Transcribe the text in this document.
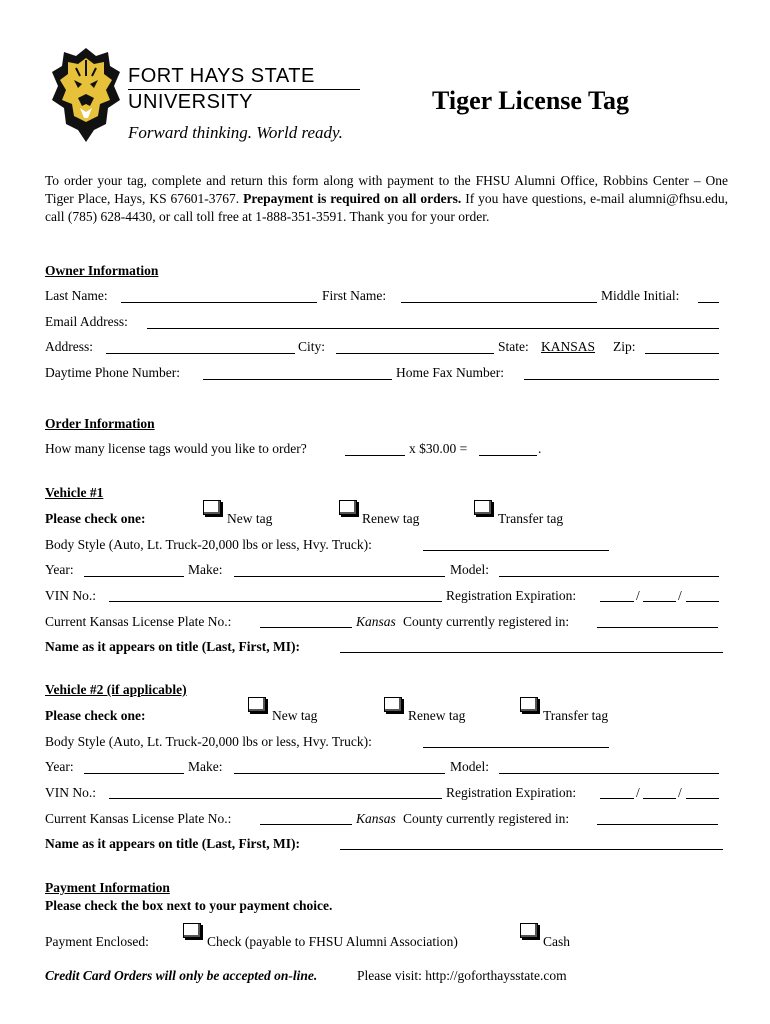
FORT HAYS STATE
UNIVERSITY
Forward thinking. World ready.
Tiger License Tag
To order your tag, complete and return this form along with payment to the FHSU Alumni Office, Robbins Center – One Tiger Place, Hays, KS 67601-3767. Prepayment is required on all orders. If you have questions, e-mail alumni@fhsu.edu, call (785) 628-4430, or call toll free at 1-888-351-3591. Thank you for your order.
Owner Information
Last Name:	First Name:	Middle Initial:
Email Address:
Address:	City:	State: KANSAS Zip:
Daytime Phone Number:	Home Fax Number:
Order Information
How many license tags would you like to order?	x $30.00 =	.
Vehicle #1
Please check one:	New tag	Renew tag	Transfer tag
Body Style (Auto, Lt. Truck-20,000 lbs or less, Hvy. Truck):
Year:	Make:	Model:
VIN No.:	Registration Expiration:	/	/
Current Kansas License Plate No.:	Kansas County currently registered in:
Name as it appears on title (Last, First, MI):
Vehicle #2 (if applicable)
Please check one:	New tag	Renew tag	Transfer tag
Body Style (Auto, Lt. Truck-20,000 lbs or less, Hvy. Truck):
Year:	Make:	Model:
VIN No.:	Registration Expiration:	/	/
Current Kansas License Plate No.:	Kansas County currently registered in:
Name as it appears on title (Last, First, MI):
Payment Information
Please check the box next to your payment choice.
Payment Enclosed:	Check (payable to FHSU Alumni Association)	Cash
Credit Card Orders will only be accepted on-line.	Please visit: http://goforthaysstate.com
